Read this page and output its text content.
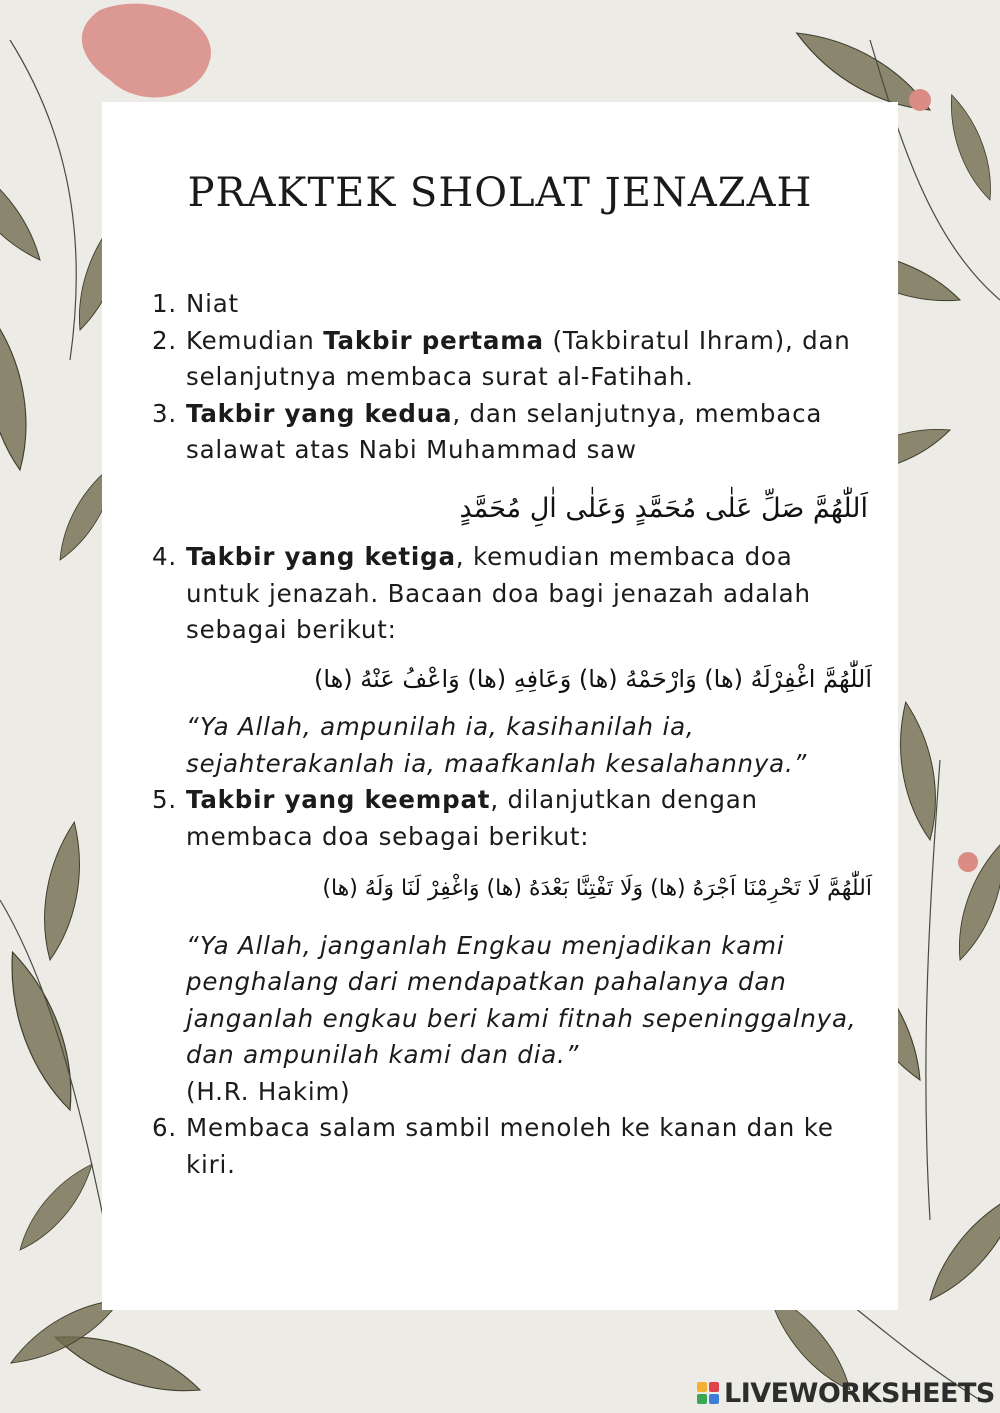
PRAKTEK SHOLAT JENAZAH
1. Niat
2. Kemudian Takbir pertama (Takbiratul Ihram), dan selanjutnya membaca surat al-Fatihah.
3. Takbir yang kedua, dan selanjutnya, membaca salawat atas Nabi Muhammad saw
اَللّٰهُمَّ صَلِّ عَلٰى مُحَمَّدٍ وَعَلٰى اٰلِ مُحَمَّدٍ
4. Takbir yang ketiga, kemudian membaca doa untuk jenazah. Bacaan doa bagi jenazah adalah sebagai berikut:
اَللّٰهُمَّ اغْفِرْلَهُ (ها) وَارْحَمْهُ (ها) وَعَافِهِ (ها) وَاعْفُ عَنْهُ (ها)
“Ya Allah, ampunilah ia, kasihanilah ia, sejahterakanlah ia, maafkanlah kesalahannya.”
5. Takbir yang keempat, dilanjutkan dengan membaca doa sebagai berikut:
اَللّٰهُمَّ لَا تَحْرِمْنَا اَجْرَهُ (ها) وَلَا تَفْتِنَّا بَعْدَهُ (ها) وَاغْفِرْ لَنَا وَلَهُ (ها)
“Ya Allah, janganlah Engkau menjadikan kami penghalang dari mendapatkan pahalanya dan janganlah engkau beri kami fitnah sepeninggalnya, dan ampunilah kami dan dia.”
(H.R. Hakim)
6. Membaca salam sambil menoleh ke kanan dan ke kiri.
LIVEWORKSHEETS
